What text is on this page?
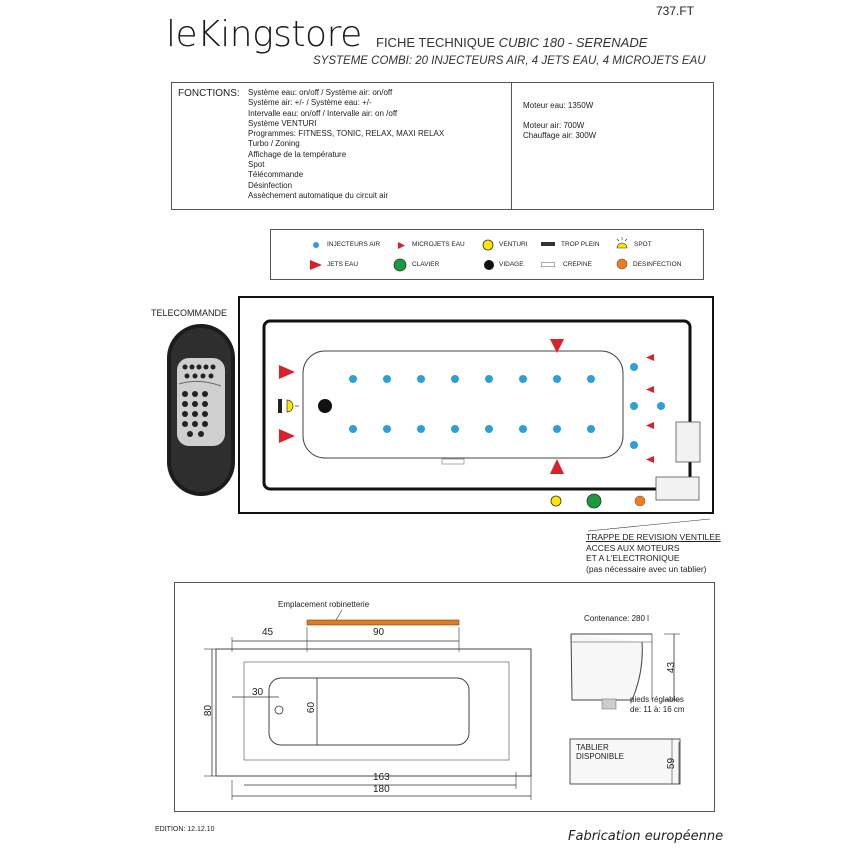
leKingstore
737.FT
FICHE TECHNIQUE CUBIC 180 - SERENADE
SYSTEME COMBI: 20 INJECTEURS AIR, 4 JETS EAU, 4 MICROJETS EAU
FONCTIONS: Système eau: on/off / Système air: on/off
Système air: +/- / Système eau: +/-
Intervalle eau: on/off / Intervalle air: on /off
Système VENTURI
Programmes: FITNESS, TONIC, RELAX, MAXI RELAX
Turbo / Zoning
Affichage de la température
Spot
Télécommande
Désinfection
Assèchement automatique du circuit air
Moteur eau: 1350W
Moteur air: 700W
Chauffage air: 300W
INJECTEURS AIR	MICROJETS EAU	VENTURI	TROP PLEIN	SPOT
JETS EAU	CLAVIER	VIDAGE	CREPINE	DESINFECTION
TELECOMMANDE
TRAPPE DE REVISION VENTILEE
ACCES AUX MOTEURS
ET A L'ELECTRONIQUE
(pas nécessaire avec un tablier)
Emplacement robinetterie
45	90
80	60
30
163
180
Contenance: 280 l
43
pieds réglables
de: 11 à: 16 cm
TABLIER
DISPONIBLE
59
EDITION: 12.12.10	Fabrication européenne
